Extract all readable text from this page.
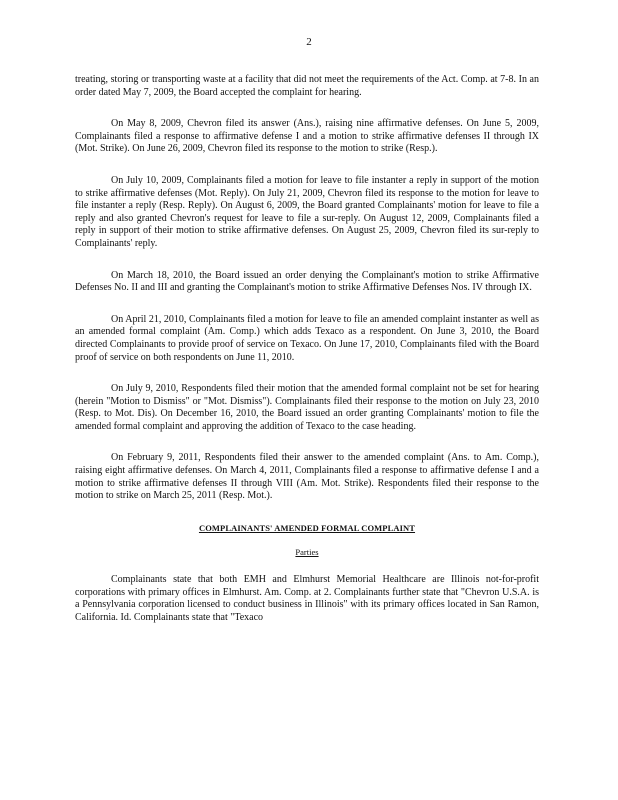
2

treating, storing or transporting waste at a facility that did not meet the requirements of the Act. Comp. at 7-8. In an order dated May 7, 2009, the Board accepted the complaint for hearing.

On May 8, 2009, Chevron filed its answer (Ans.), raising nine affirmative defenses. On June 5, 2009, Complainants filed a response to affirmative defense I and a motion to strike affirmative defenses II through IX (Mot. Strike). On June 26, 2009, Chevron filed its response to the motion to strike (Resp.).

On July 10, 2009, Complainants filed a motion for leave to file instanter a reply in support of the motion to strike affirmative defenses (Mot. Reply). On July 21, 2009, Chevron filed its response to the motion for leave to file instanter a reply (Resp. Reply). On August 6, 2009, the Board granted Complainants' motion for leave to file a reply and also granted Chevron's request for leave to file a sur-reply. On August 12, 2009, Complainants filed a reply in support of their motion to strike affirmative defenses. On August 25, 2009, Chevron filed its sur-reply to Complainants' reply.

On March 18, 2010, the Board issued an order denying the Complainant's motion to strike Affirmative Defenses No. II and III and granting the Complainant's motion to strike Affirmative Defenses Nos. IV through IX.

On April 21, 2010, Complainants filed a motion for leave to file an amended complaint instanter as well as an amended formal complaint (Am. Comp.) which adds Texaco as a respondent. On June 3, 2010, the Board directed Complainants to provide proof of service on Texaco. On June 17, 2010, Complainants filed with the Board proof of service on both respondents on June 11, 2010.

On July 9, 2010, Respondents filed their motion that the amended formal complaint not be set for hearing (herein "Motion to Dismiss" or "Mot. Dismiss"). Complainants filed their response to the motion on July 23, 2010 (Resp. to Mot. Dis). On December 16, 2010, the Board issued an order granting Complainants' motion to file the amended formal complaint and approving the addition of Texaco to the case heading.

On February 9, 2011, Respondents filed their answer to the amended complaint (Ans. to Am. Comp.), raising eight affirmative defenses. On March 4, 2011, Complainants filed a response to affirmative defense I and a motion to strike affirmative defenses II through VIII (Am. Mot. Strike). Respondents filed their response to the motion to strike on March 25, 2011 (Resp. Mot.).

COMPLAINANTS' AMENDED FORMAL COMPLAINT
Parties

Complainants state that both EMH and Elmhurst Memorial Healthcare are Illinois not-for-profit corporations with primary offices in Elmhurst. Am. Comp. at 2. Complainants further state that "Chevron U.S.A. is a Pennsylvania corporation licensed to conduct business in Illinois" with its primary offices located in San Ramon, California. Id. Complainants state that "Texaco
